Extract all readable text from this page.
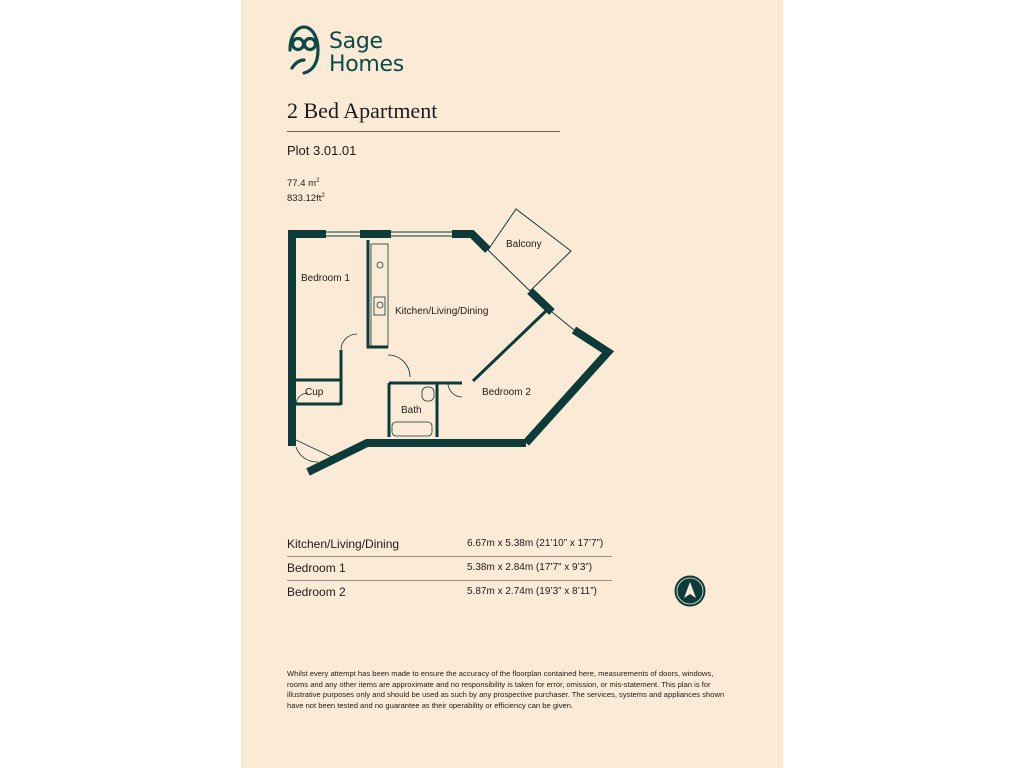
Sage
Homes
2 Bed Apartment
Plot 3.01.01
77.4 $m^2$
$833.12ft^2$
Balcony
Bedroom 1
Kitchen/Living/Dining
Cup	Bedroom 2
Bath
Kitchen/Living/Dining	6.67m x 5.38m (21’10” x 17’7”)
Bedroom 1	5.38m x 2.84m (17’7” x 9’3”)
Bedroom 2	5.87m x 2.74m (19’3” x 8’11”)
Whilst every attempt has been made to ensure the accuracy of the floorplan contained here, measurements of doors, windows, rooms and any other items are approximate and no responsibility is taken for error, omission, or mis-statement. This plan is for illustrative purposes only and should be used as such by any prospective purchaser. The services, systems and appliances shown have not been tested and no guarantee as their operability or efficiency can be given.
